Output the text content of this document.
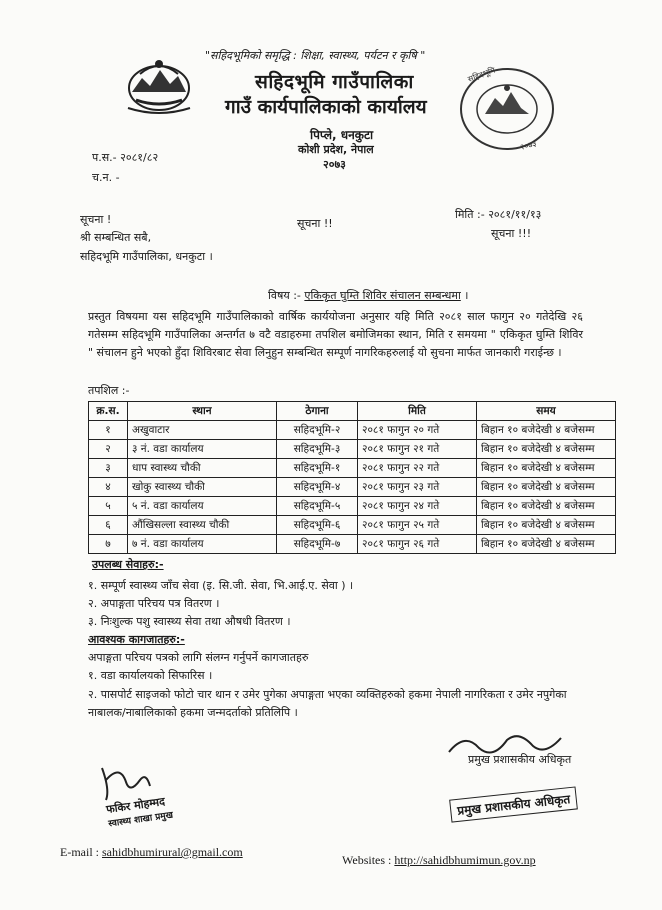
सहिदभूमि
२०७३
"सहिदभूमिको समृद्धि : शिक्षा, स्वास्थ्य, पर्यटन र कृषि "
सहिदभूमि गाउँपालिका
गाउँ कार्यपालिकाको कार्यालय
पिप्ले, धनकुटा
कोशी प्रदेश, नेपाल
२०७३
प.स.- २०८१/८२
च.न. -
मिति :- २०८१/११/१३
सूचना !	सूचना !!
सूचना !!!
श्री सम्बन्धित सबै,
सहिदभूमि गाउँपालिका, धनकुटा ।
विषय :- एकिकृत घुम्ति शिविर संचालन सम्बन्धमा ।
प्रस्तुत विषयमा यस सहिदभूमि गाउँपालिकाको वार्षिक कार्ययोजना अनुसार यहि मिति २०८१ साल फागुन २० गतेदेखि २६ गतेसम्म सहिदभूमि गाउँपालिका अन्तर्गत ७ वटै वडाहरुमा तपशिल बमोजिमका स्थान, मिति र समयमा " एकिकृत घुम्ति शिविर " संचालन हुने भएको हुँदा शिविरबाट सेवा लिनुहुन सम्बन्धित सम्पूर्ण नागरिकहरुलाई यो सुचना मार्फत जानकारी गराईन्छ ।
तपशिल :-
क्र.स.	स्थान	ठेगाना	मिति	समय
१	अखुवाटार	सहिदभूमि-२	२०८१ फागुन २० गते	बिहान १० बजेदेखी ४ बजेसम्म
२	३ नं. वडा कार्यालय	सहिदभूमि-३	२०८१ फागुन २१ गते	बिहान १० बजेदेखी ४ बजेसम्म
३	धाप स्वास्थ्य चौकी	सहिदभूमि-१	२०८१ फागुन २२ गते	बिहान १० बजेदेखी ४ बजेसम्म
४	खोकु स्वास्थ्य चौकी	सहिदभूमि-४	२०८१ फागुन २३ गते	बिहान १० बजेदेखी ४ बजेसम्म
५	५ नं. वडा कार्यालय	सहिदभूमि-५	२०८१ फागुन २४ गते	बिहान १० बजेदेखी ४ बजेसम्म
६	औंखिसल्ला स्वास्थ्य चौकी	सहिदभूमि-६	२०८१ फागुन २५ गते	बिहान १० बजेदेखी ४ बजेसम्म
७	७ नं. वडा कार्यालय	सहिदभूमि-७	२०८१ फागुन २६ गते	बिहान १० बजेदेखी ४ बजेसम्म
उपलब्ध सेवाहरु:-
१. सम्पूर्ण स्वास्थ्य जाँच सेवा (इ. सि.जी. सेवा, भि.आई.ए. सेवा ) ।
२. अपाङ्गता परिचय पत्र वितरण ।
३. निःशुल्क पशु स्वास्थ्य सेवा तथा औषधी वितरण ।
आवश्यक कागजातहरु:-
अपाङ्गता परिचय पत्रको लागि संलग्न गर्नुपर्ने कागजातहरु
१. वडा कार्यालयको सिफारिस ।
२. पासपोर्ट साइजको फोटो चार थान र उमेर पुगेका अपाङ्गता भएका व्यक्तिहरुको हकमा नेपाली नागरिकता र उमेर नपुगेका नाबालक/नाबालिकाको हकमा जन्मदर्ताको प्रतिलिपि ।
फकिर मोहम्मद
स्वास्थ्य शाखा प्रमुख
प्रमुख प्रशासकीय अधिकृत
प्रमुख प्रशासकीय अधिकृत
E-mail : sahidbhumirural@gmail.com
Websites : http://sahidbhumimun.gov.np
